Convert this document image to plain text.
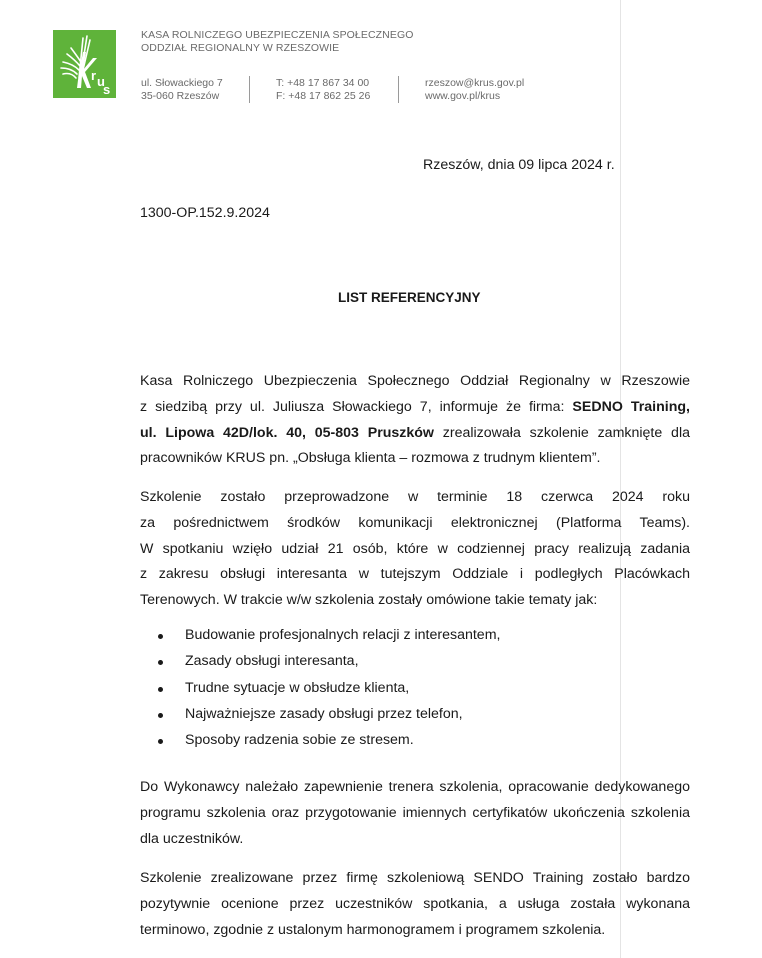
r u
s
KASA ROLNICZEGO UBEZPIECZENIA SPOŁECZNEGO
ODDZIAŁ REGIONALNY W RZESZOWIE
ul. Słowackiego 7
35-060 Rzeszów
T: +48 17 867 34 00
F: +48 17 862 25 26
rzeszow@krus.gov.pl
www.gov.pl/krus
Rzeszów, dnia 09 lipca 2024 r.
1300-OP.152.9.2024
LIST REFERENCYJNY
Kasa Rolniczego Ubezpieczenia Społecznego Oddział Regionalny w Rzeszowie
z siedzibą przy ul. Juliusza Słowackiego 7, informuje że firma: SEDNO Training,
ul. Lipowa 42D/lok. 40, 05-803 Pruszków zrealizowała szkolenie zamknięte dla
pracowników KRUS pn. „Obsługa klienta – rozmowa z trudnym klientem”.
Szkolenie zostało przeprowadzone w terminie 18 czerwca 2024 roku
za pośrednictwem środków komunikacji elektronicznej (Platforma Teams).
W spotkaniu wzięło udział 21 osób, które w codziennej pracy realizują zadania
z zakresu obsługi interesanta w tutejszym Oddziale i podległych Placówkach
Terenowych. W trakcie w/w szkolenia zostały omówione takie tematy jak:
Budowanie profesjonalnych relacji z interesantem,
Zasady obsługi interesanta,
Trudne sytuacje w obsłudze klienta,
Najważniejsze zasady obsługi przez telefon,
Sposoby radzenia sobie ze stresem.
Do Wykonawcy należało zapewnienie trenera szkolenia, opracowanie dedykowanego
programu szkolenia oraz przygotowanie imiennych certyfikatów ukończenia szkolenia
dla uczestników.
Szkolenie zrealizowane przez firmę szkoleniową SENDO Training zostało bardzo
pozytywnie ocenione przez uczestników spotkania, a usługa została wykonana
terminowo, zgodnie z ustalonym harmonogramem i programem szkolenia.
